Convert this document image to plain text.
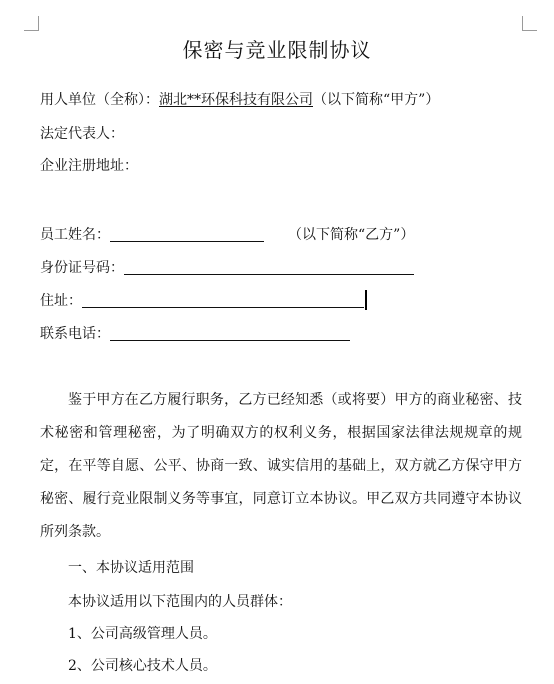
保密与竞业限制协议
用人单位（全称）：湖北**环保科技有限公司（以下简称“甲方”）
法定代表人：
企业注册地址：
员工姓名：	（以下简称“乙方”）
身份证号码：
住址：
联系电话：
鉴于甲方在乙方履行职务，乙方已经知悉（或将要）甲方的商业秘密、技术秘密和管理秘密，为了明确双方的权利义务，根据国家法律法规规章的规定，在平等自愿、公平、协商一致、诚实信用的基础上，双方就乙方保守甲方秘密、履行竞业限制义务等事宜，同意订立本协议。甲乙双方共同遵守本协议所列条款。
一、本协议适用范围
本协议适用以下范围内的人员群体：
1、公司高级管理人员。
2、公司核心技术人员。
